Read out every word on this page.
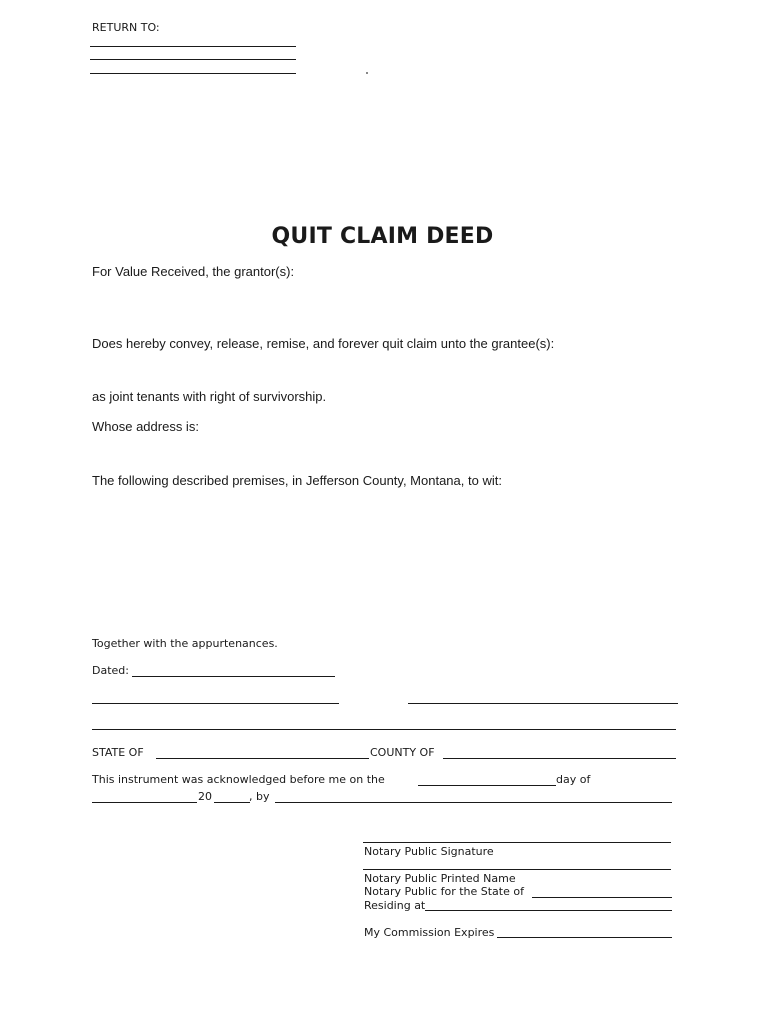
RETURN TO:
QUIT CLAIM DEED
For Value Received, the grantor(s):
Does hereby convey, release, remise, and forever quit claim unto the grantee(s):
as joint tenants with right of survivorship.
Whose address is:
The following described premises, in Jefferson County, Montana, to wit:
Together with the appurtenances.
Dated:
STATE OF	COUNTY OF
This instrument was acknowledged before me on the	day of
20	, by
Notary Public Signature
Notary Public Printed Name
Notary Public for the State of
Residing at
My Commission Expires
